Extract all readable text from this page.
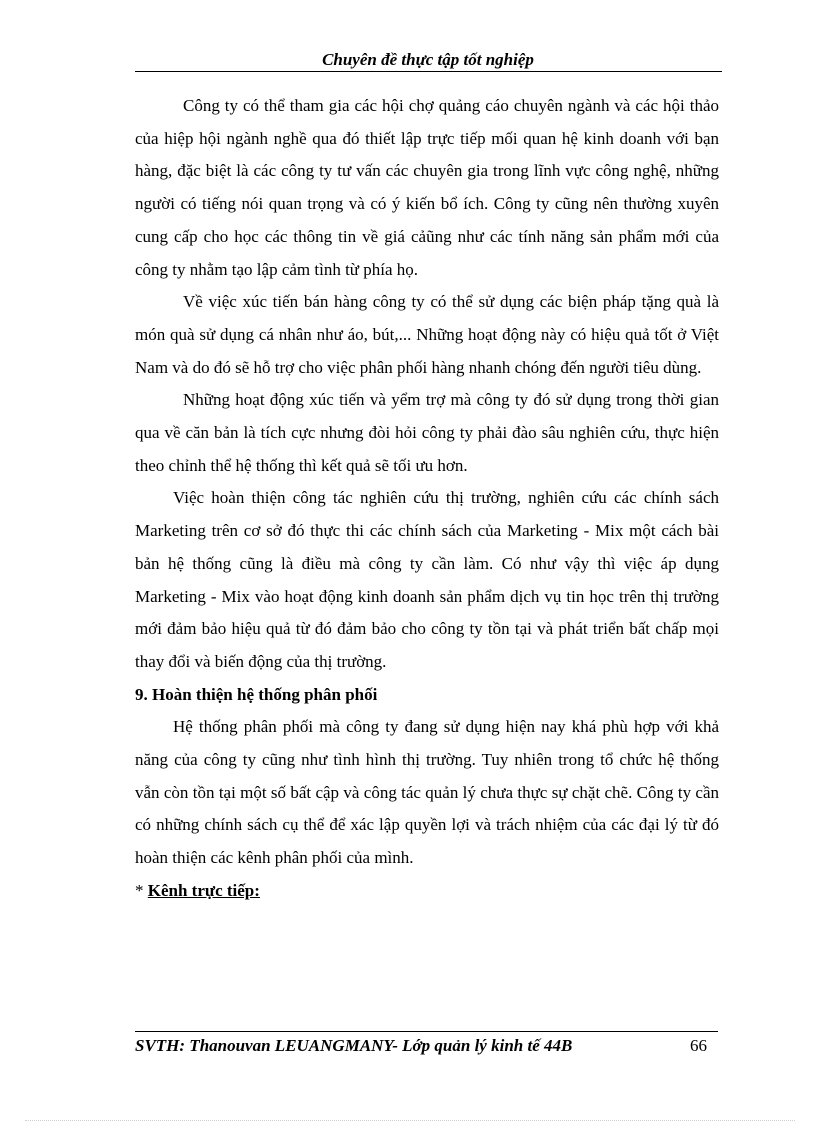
Chuyên đề thực tập tốt nghiệp

Công ty có thể tham gia các hội chợ quảng cáo chuyên ngành và các hội thảo của hiệp hội ngành nghề qua đó thiết lập trực tiếp mối quan hệ kinh doanh với bạn hàng, đặc biệt là các công ty tư vấn các chuyên gia trong lĩnh vực công nghệ, những người có tiếng nói quan trọng và có ý kiến bổ ích. Công ty cũng nên thường xuyên cung cấp cho học các thông tin về giá cảũng như các tính năng sản phẩm mới của công ty nhằm tạo lập cảm tình từ phía họ.

Về việc xúc tiến bán hàng công ty có thể sử dụng các biện pháp tặng quà là món quà sử dụng cá nhân như áo, bút,... Những hoạt động này có hiệu quả tốt ở Việt Nam và do đó sẽ hỗ trợ cho việc phân phối hàng nhanh chóng đến người tiêu dùng.

Những hoạt động xúc tiến và yểm trợ mà công ty đó sử dụng trong thời gian qua về căn bản là tích cực nhưng đòi hỏi công ty phải đào sâu nghiên cứu, thực hiện theo chỉnh thể hệ thống thì kết quả sẽ tối ưu hơn.

Việc hoàn thiện công tác nghiên cứu thị trường, nghiên cứu các chính sách Marketing trên cơ sở đó thực thi các chính sách của Marketing - Mix một cách bài bản hệ thống cũng là điều mà công ty cần làm. Có như vậy thì việc áp dụng Marketing - Mix vào hoạt động kinh doanh sản phẩm dịch vụ tin học trên thị trường mới đảm bảo hiệu quả từ đó đảm bảo cho công ty tồn tại và phát triển bất chấp mọi thay đổi và biến động của thị trường.

9. Hoàn thiện hệ thống phân phối

Hệ thống phân phối mà công ty đang sử dụng hiện nay khá phù hợp với khả năng của công ty cũng như tình hình thị trường. Tuy nhiên trong tổ chức hệ thống vẫn còn tồn tại một số bất cập và công tác quản lý chưa thực sự chặt chẽ. Công ty cần có những chính sách cụ thể để xác lập quyền lợi và trách nhiệm của các đại lý từ đó hoàn thiện các kênh phân phối của mình.

* Kênh trực tiếp:

SVTH: Thanouvan LEUANGMANY- Lớp quản lý kinh tế 44B	66
